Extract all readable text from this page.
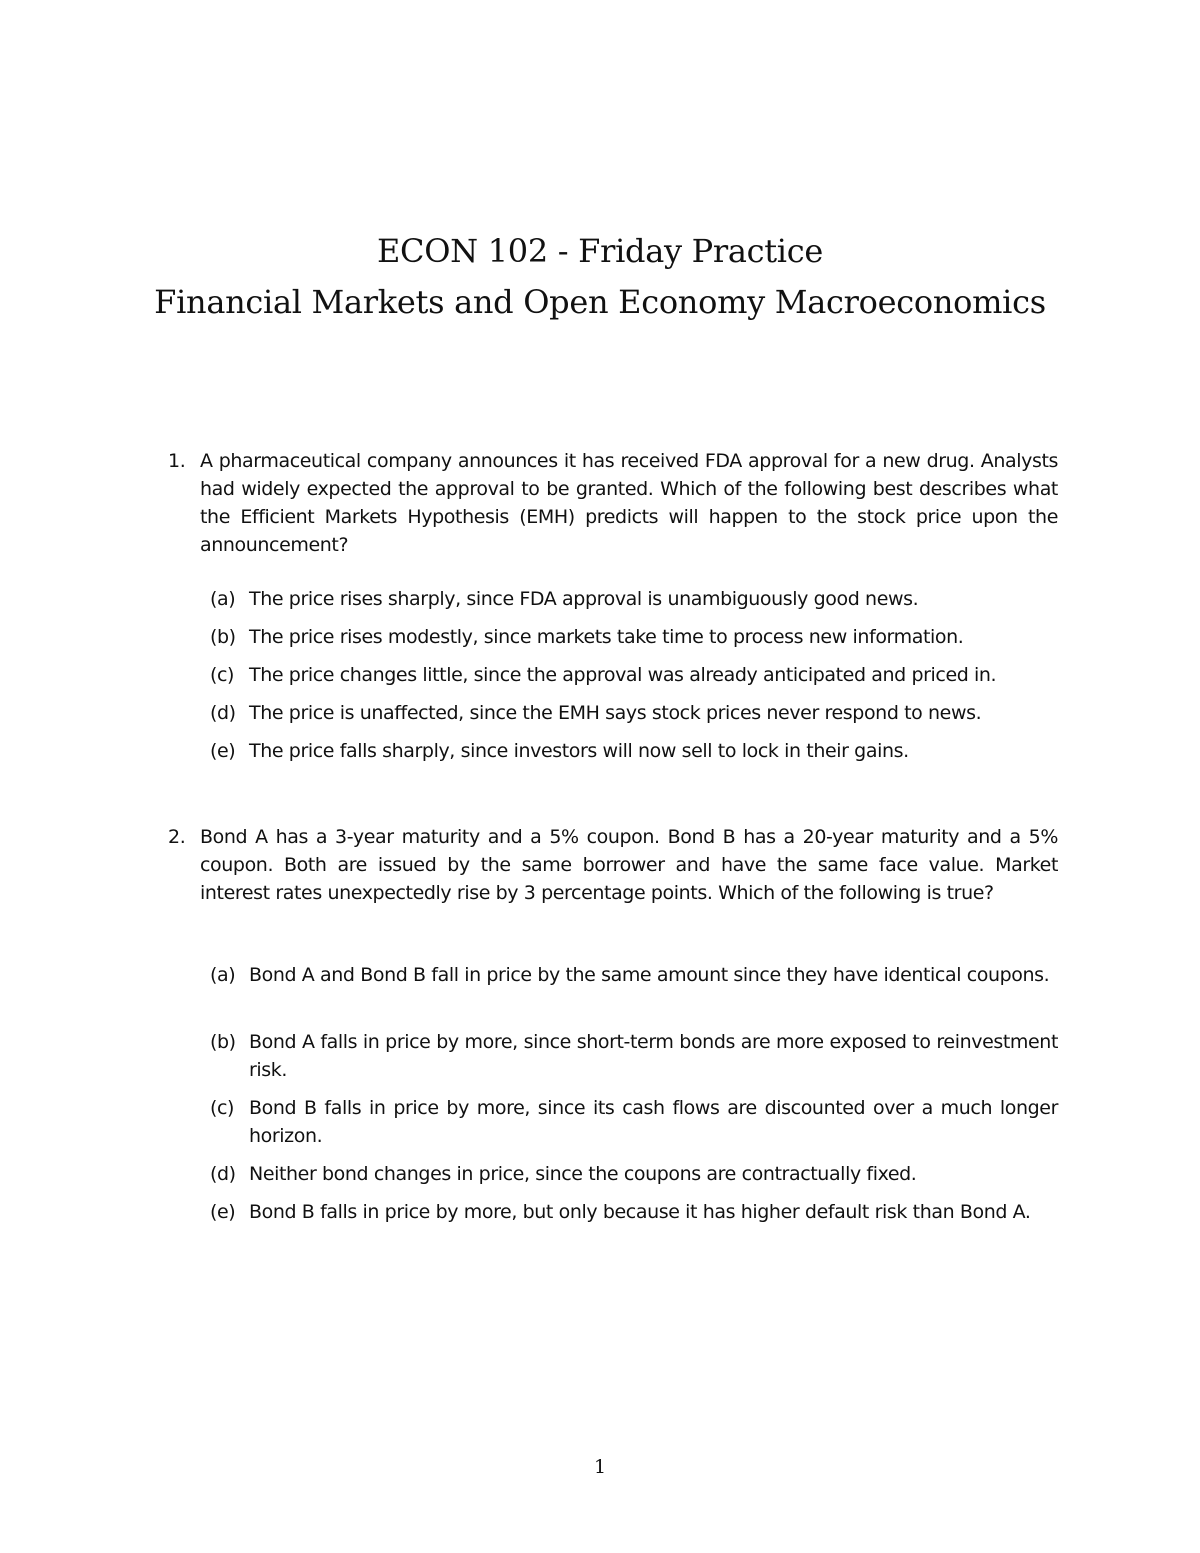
ECON 102 - Friday Practice
Financial Markets and Open Economy Macroeconomics
1. A pharmaceutical company announces it has received FDA approval for a new drug. Analysts had widely expected the approval to be granted. Which of the following best describes what the Efficient Markets Hypothesis (EMH) predicts will happen to the stock price upon the announcement?
(a) The price rises sharply, since FDA approval is unambiguously good news.
(b) The price rises modestly, since markets take time to process new information.
(c) The price changes little, since the approval was already anticipated and priced in.
(d) The price is unaffected, since the EMH says stock prices never respond to news.
(e) The price falls sharply, since investors will now sell to lock in their gains.
2. Bond A has a 3-year maturity and a 5% coupon. Bond B has a 20-year maturity and a 5% coupon. Both are issued by the same borrower and have the same face value. Market interest rates unexpectedly rise by 3 percentage points. Which of the following is true?
(a) Bond A and Bond B fall in price by the same amount since they have identical coupons.
(b) Bond A falls in price by more, since short-term bonds are more exposed to reinvestment risk.
(c) Bond B falls in price by more, since its cash flows are discounted over a much longer horizon.
(d) Neither bond changes in price, since the coupons are contractually fixed.
(e) Bond B falls in price by more, but only because it has higher default risk than Bond A.
1
